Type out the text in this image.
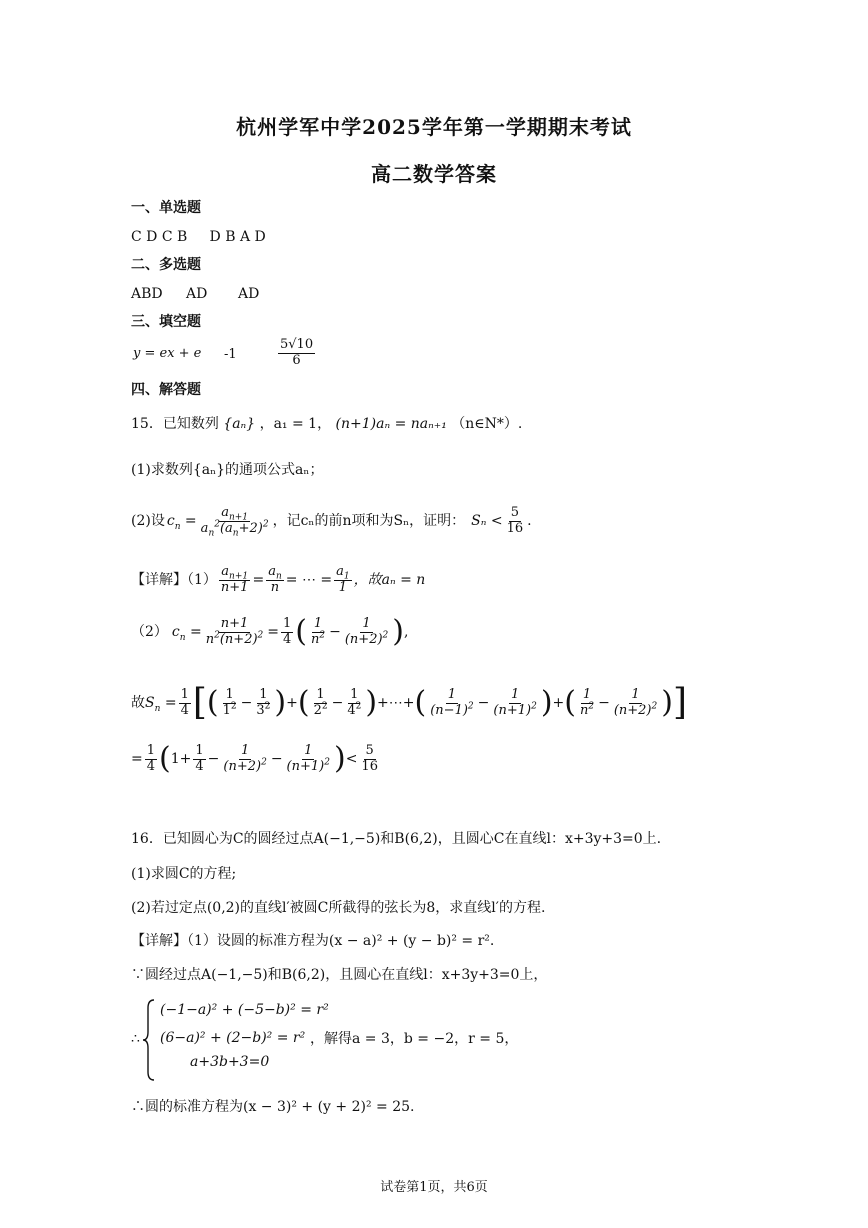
杭州学军中学2025学年第一学期期末考试
高二数学答案
一、单选题
C D C B     D B A D
二、多选题
ABD AD AD
三、填空题
y = ex + e -1	$\frac{5√10}{6}$
四、解答题
15．已知数列 {aₙ} ，a₁ = 1， (n+1)aₙ = naₙ₊₁ （n∈N*）.
(1)求数列{aₙ}的通项公式aₙ；
(2)设 $c_n = \frac{a_{n+1}}{a_n^2(a_n+2)^2}$ ，记cₙ的前n项和为Sₙ，证明： $S_n < \frac{5}{16}$ .
【详解】$(1) \frac{a_{n+1}}{n+1} = \frac{a_n}{n}$ = ⋯ = $\frac{a_1}{1}$ ，故aₙ = n
（2） $c_n = \frac{n+1}{n^2(n+2)^2} = \frac{1}{4}$ ( $\frac{1}{n^2} - \frac{1}{(n+2)^2}$ ) ,
故 $S_n = \frac{1}{4}$ [ ( $\frac{1}{1^2} - \frac{1}{3^2}$ ) + ( $\frac{1}{2^2} - \frac{1}{4^2}$ ) +⋯+ ( $\frac{1}{(n-1)^2} - \frac{1}{(n+1)^2}$ ) + ( $\frac{1}{n^2} - \frac{1}{(n+2)^2}$ ) ]
= $\frac{1}{4}$ ( $1+ \frac{1}{4} - \frac{1}{(n+2)^2} - \frac{1}{(n+1)^2}$ ) < $\frac{5}{16}$
16．已知圆心为C的圆经过点A(−1,−5)和B(6,2)，且圆心C在直线l：x+3y+3=0上.
(1)求圆C的方程;
(2)若过定点(0,2)的直线l′被圆C所截得的弦长为8，求直线l′的方程.
【详解】（1）设圆的标准方程为(x − a)² + (y − b)² = r².
∵圆经过点A(−1,−5)和B(6,2)，且圆心在直线l：x+3y+3=0上，
∴
(−1−a)² + (−5−b)² = r²
(6−a)² + (2−b)² = r²
a+3b+3=0
，解得a = 3，b = −2，r = 5，
∴圆的标准方程为(x − 3)² + (y + 2)² = 25.
试卷第1页，共6页
